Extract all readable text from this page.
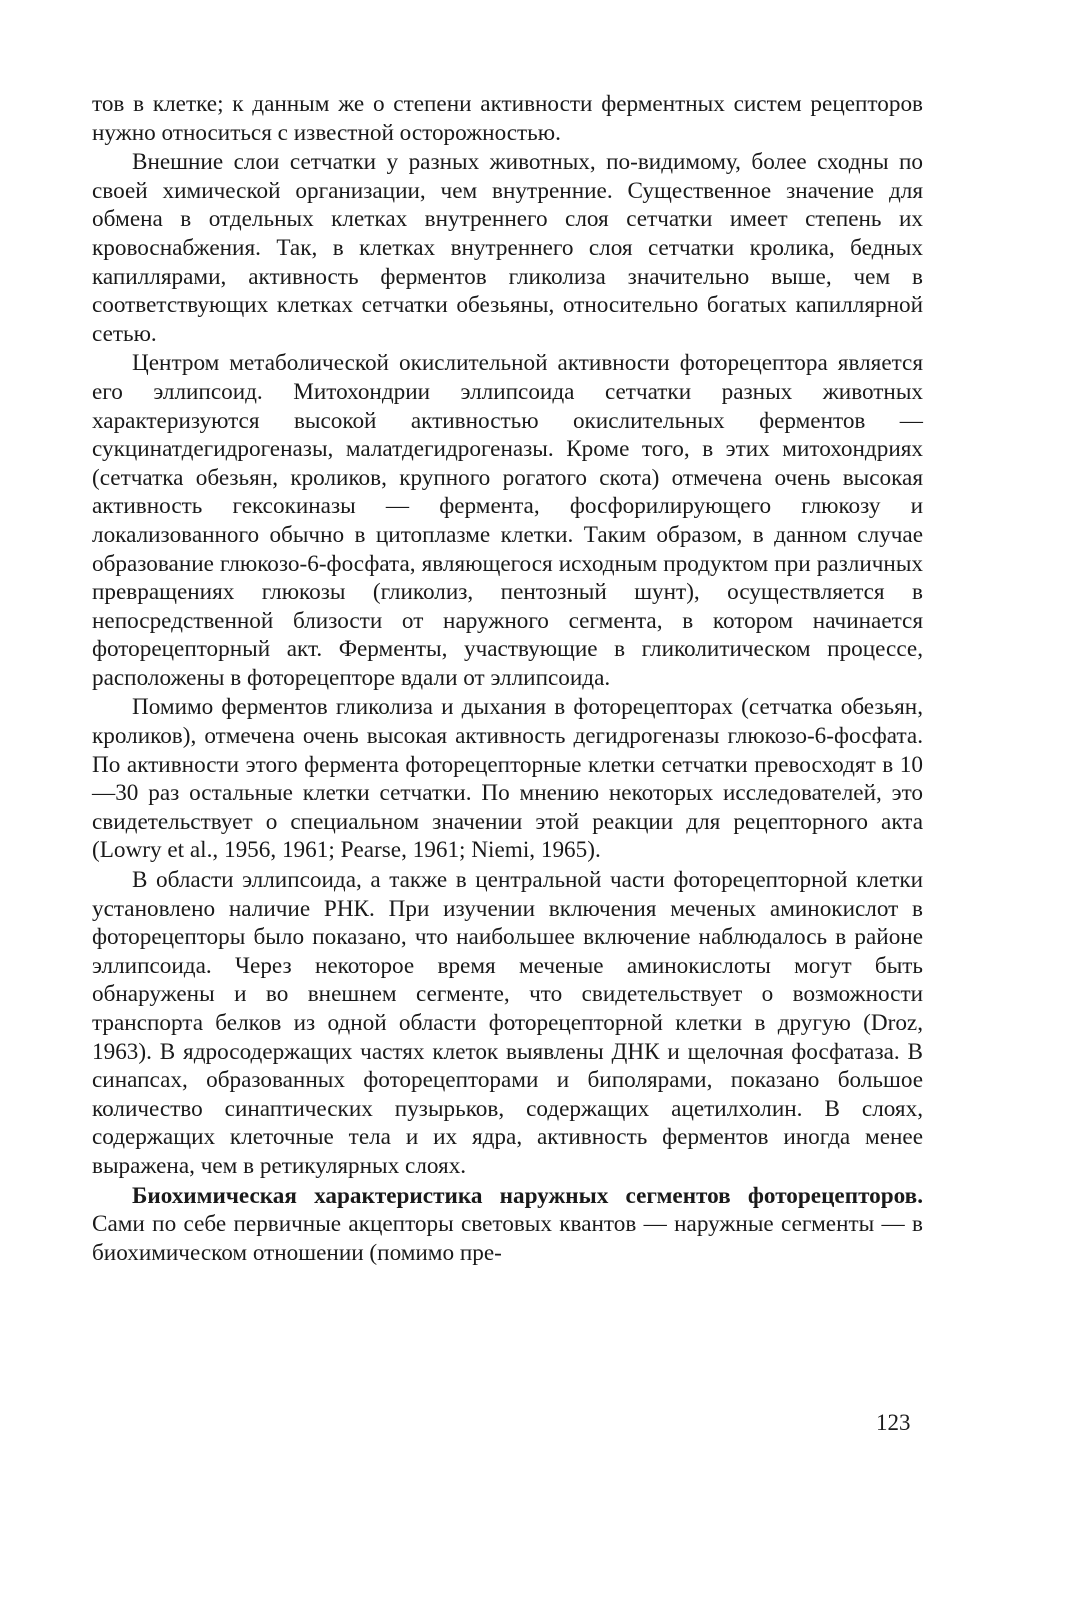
тов в клетке; к данным же о степени активности ферментных систем рецепторов нужно относиться с известной осторожностью.

Внешние слои сетчатки у разных животных, по-видимому, более сходны по своей химической организации, чем внутренние. Существенное значение для обмена в отдельных клетках внутреннего слоя сетчатки имеет степень их кровоснабжения. Так, в клетках внутреннего слоя сетчатки кролика, бедных капиллярами, активность ферментов гликолиза значительно выше, чем в соответствующих клетках сетчатки обезьяны, относительно богатых капиллярной сетью.

Центром метаболической окислительной активности фоторецептора является его эллипсоид. Митохондрии эллипсоида сетчатки разных животных характеризуются высокой активностью окислительных ферментов — сукцинатдегидрогеназы, малатдегидрогеназы. Кроме того, в этих митохондриях (сетчатка обезьян, кроликов, крупного рогатого скота) отмечена очень высокая активность гексокиназы — фермента, фосфорилирующего глюкозу и локализованного обычно в цитоплазме клетки. Таким образом, в данном случае образование глюкозо-6-фосфата, являющегося исходным продуктом при различных превращениях глюкозы (гликолиз, пентозный шунт), осуществляется в непосредственной близости от наружного сегмента, в котором начинается фоторецепторный акт. Ферменты, участвующие в гликолитическом процессе, расположены в фоторецепторе вдали от эллипсоида.

Помимо ферментов гликолиза и дыхания в фоторецепторах (сетчатка обезьян, кроликов), отмечена очень высокая активность дегидрогеназы глюкозо-6-фосфата. По активности этого фермента фоторецепторные клетки сетчатки превосходят в 10—30 раз остальные клетки сетчатки. По мнению некоторых исследователей, это свидетельствует о специальном значении этой реакции для рецепторного акта (Lowry et al., 1956, 1961; Pearse, 1961; Niemi, 1965).

В области эллипсоида, а также в центральной части фоторецепторной клетки установлено наличие РНК. При изучении включения меченых аминокислот в фоторецепторы было показано, что наибольшее включение наблюдалось в районе эллипсоида. Через некоторое время меченые аминокислоты могут быть обнаружены и во внешнем сегменте, что свидетельствует о возможности транспорта белков из одной области фоторецепторной клетки в другую (Droz, 1963). В ядросодержащих частях клеток выявлены ДНК и щелочная фосфатаза. В синапсах, образованных фоторецепторами и биполярами, показано большое количество синаптических пузырьков, содержащих ацетилхолин. В слоях, содержащих клеточные тела и их ядра, активность ферментов иногда менее выражена, чем в ретикулярных слоях.

Биохимическая характеристика наружных сегментов фоторецепторов. Сами по себе первичные акцепторы световых квантов — наружные сегменты — в биохимическом отношении (помимо пре-

123
